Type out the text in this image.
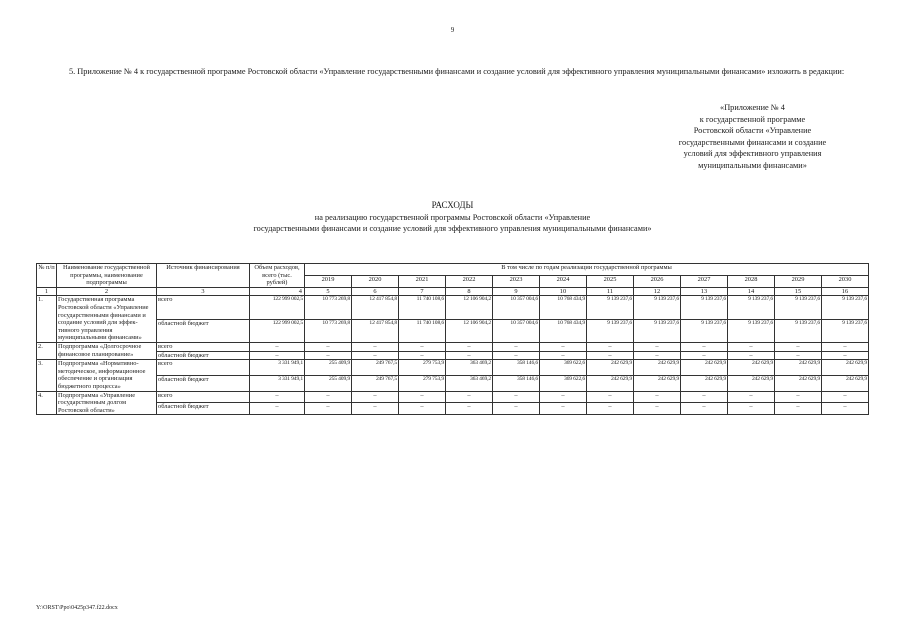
9
5. Приложение № 4 к государственной программе Ростовской области «Управление государственными финансами и создание условий для эффективного управления муниципальными финансами» изложить в редакции:
«Приложение № 4
к государственной программе
Ростовской области «Управление
государственными финансами и создание
условий для эффективного управления
муниципальными финансами»
РАСХОДЫ
на реализацию государственной программы Ростовской области «Управление
государственными финансами и создание условий для эффективного управления муниципальными финансами»
№ п/п	Наименование государственной программы, наименование подпрограммы	Источник финансирования	Объем расходов, всего (тыс. рублей)	В том числе по годам реализации государственной программы											
				2019	2020	2021	2022	2023	2024	2025	2026	2027	2028	2029	2030
1	2	3	4	5	6	7	8	9	10	11	12	13	14	15	16
1.	Государственная программа Ростовской области «Управление государственными финансами и создание условий для эффективного управления муниципальными финансами»	всего	122 999 002,5	10 773 269,8	12 417 854,8	11 740 108,6	12 106 904,2	10 357 004,6	10 768 434,9	9 139 237,6	9 139 237,6	9 139 237,6	9 139 237,6	9 139 237,6	9 139 237,6
		областной бюджет	122 999 002,5	10 773 269,8	12 417 854,8	11 740 108,6	12 106 904,2	10 357 004,6	10 768 434,9	9 139 237,6	9 139 237,6	9 139 237,6	9 139 237,6	9 139 237,6	9 139 237,6
2.	Подпрограмма «Долгосрочное финансовое планирование»	всего	–	–	–	–	–	–	–	–	–	–	–	–	–
		областной бюджет	–	–	–	–	–	–	–	–	–	–	–	–	–
3.	Подпрограмма «Нормативно-методическое, информационное обеспечение и организация бюджетного процесса»	всего	3 331 949,1	255 409,9	249 767,5	279 753,9	363 469,2	358 146,6	369 622,6	242 629,9	242 629,9	242 629,9	242 629,9	242 629,9	242 629,9
		областной бюджет	3 331 949,1	255 409,9	249 767,5	279 753,9	363 469,2	358 146,6	369 622,6	242 629,9	242 629,9	242 629,9	242 629,9	242 629,9	242 629,9
4.	Подпрограмма «Управление государственным долгом Ростовской области»	всего	–	–	–	–	–	–	–	–	–	–	–	–	–
		областной бюджет	–	–	–	–	–	–	–	–	–	–	–	–	–
Y:\ORST\Ppo\0425p347.f22.docx
